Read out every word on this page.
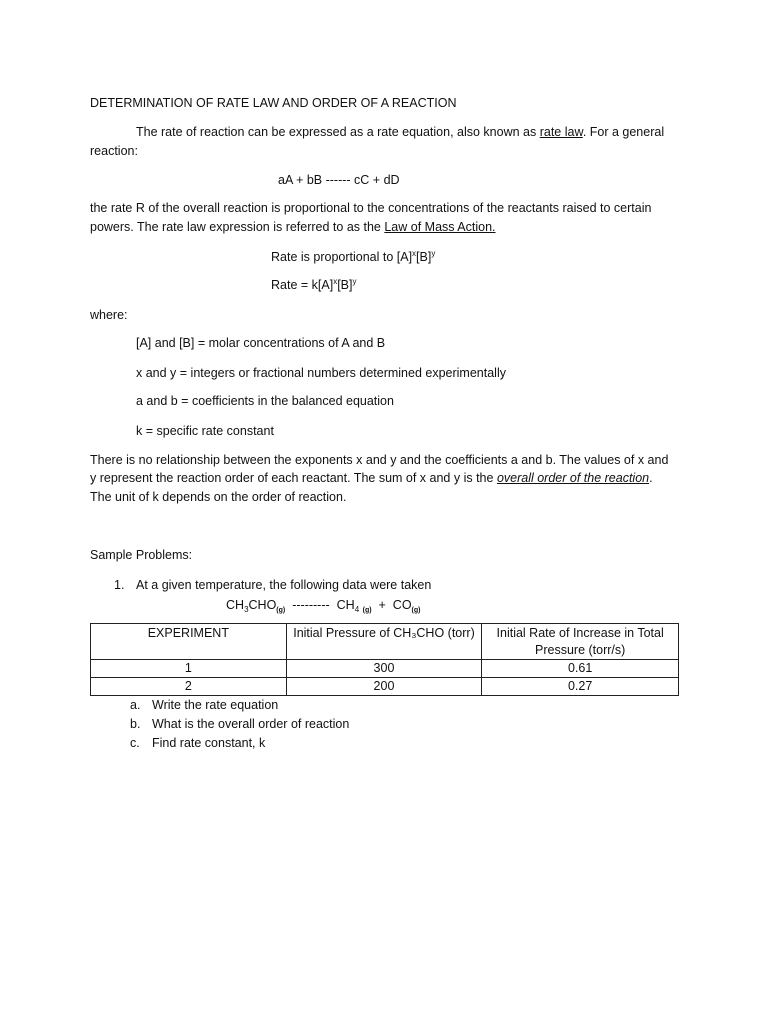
DETERMINATION OF RATE LAW AND ORDER OF A REACTION
The rate of reaction can be expressed as a rate equation, also known as rate law. For a general
reaction:
aA + bB ------ cC + dD
the rate R of the overall reaction is proportional to the concentrations of the reactants raised to certain
powers. The rate law expression is referred to as the Law of Mass Action.
Rate is proportional to $[A]^x[B]^y$
Rate = $k[A]^x[B]^y$
where:
[A] and [B] = molar concentrations of A and B
x and y = integers or fractional numbers determined experimentally
a and b = coefficients in the balanced equation
k = specific rate constant
There is no relationship between the exponents x and y and the coefficients a and b. The values of x and
y represent the reaction order of each reactant. The sum of x and y is the overall order of the reaction.
The unit of k depends on the order of reaction.
Sample Problems:
1. At a given temperature, the following data were taken
$CH_3CHO_{(g)}$ --------- $CH_4$ $_{(g)} + CO_{(g)}$
EXPERIMENT	Initial Pressure of CH₃CHO (torr)	Initial Rate of Increase in Total Pressure (torr/s)
1	300	0.61
2	200	0.27
a. Write the rate equation
b. What is the overall order of reaction
c. Find rate constant, k
